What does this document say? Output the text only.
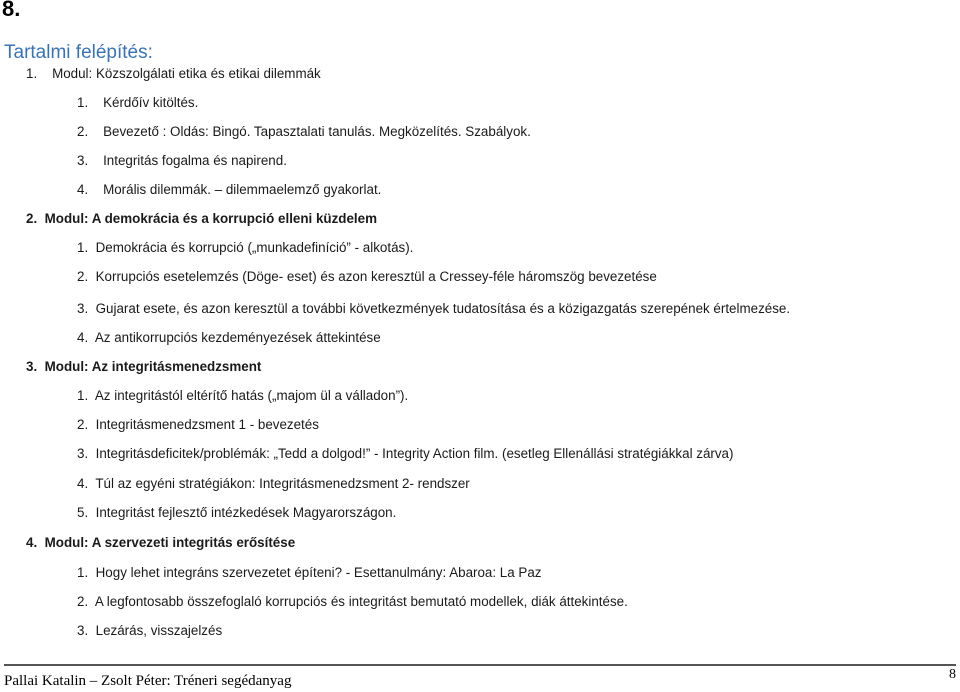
8.
Tartalmi felépítés:
1. Modul: Közszolgálati etika és etikai dilemmák
1. Kérdőív kitöltés.
2. Bevezető : Oldás: Bingó. Tapasztalati tanulás. Megközelítés. Szabályok.
3. Integritás fogalma és napirend.
4. Morális dilemmák. – dilemmaelemző gyakorlat.
2. Modul: A demokrácia és a korrupció elleni küzdelem
1. Demokrácia és korrupció („munkadefiníció” - alkotás).
2. Korrupciós esetelemzés (Döge- eset) és azon keresztül a Cressey-féle háromszög bevezetése
3. Gujarat esete, és azon keresztül a további következmények tudatosítása és a közigazgatás szerepének értelmezése.
4. Az antikorrupciós kezdeményezések áttekintése
3. Modul: Az integritásmenedzsment
1. Az integritástól eltérítő hatás („majom ül a válladon”).
2. Integritásmenedzsment 1 - bevezetés
3. Integritásdeficitek/problémák: „Tedd a dolgod!” - Integrity Action film. (esetleg Ellenállási stratégiákkal zárva)
4. Túl az egyéni stratégiákon: Integritásmenedzsment 2- rendszer
5. Integritást fejlesztő intézkedések Magyarországon.
4. Modul: A szervezeti integritás erősítése
1. Hogy lehet integráns szervezetet építeni? - Esettanulmány: Abaroa: La Paz
2. A legfontosabb összefoglaló korrupciós és integritást bemutató modellek, diák áttekintése.
3. Lezárás, visszajelzés
Pallai Katalin – Zsolt Péter: Tréneri segédanyag	8
